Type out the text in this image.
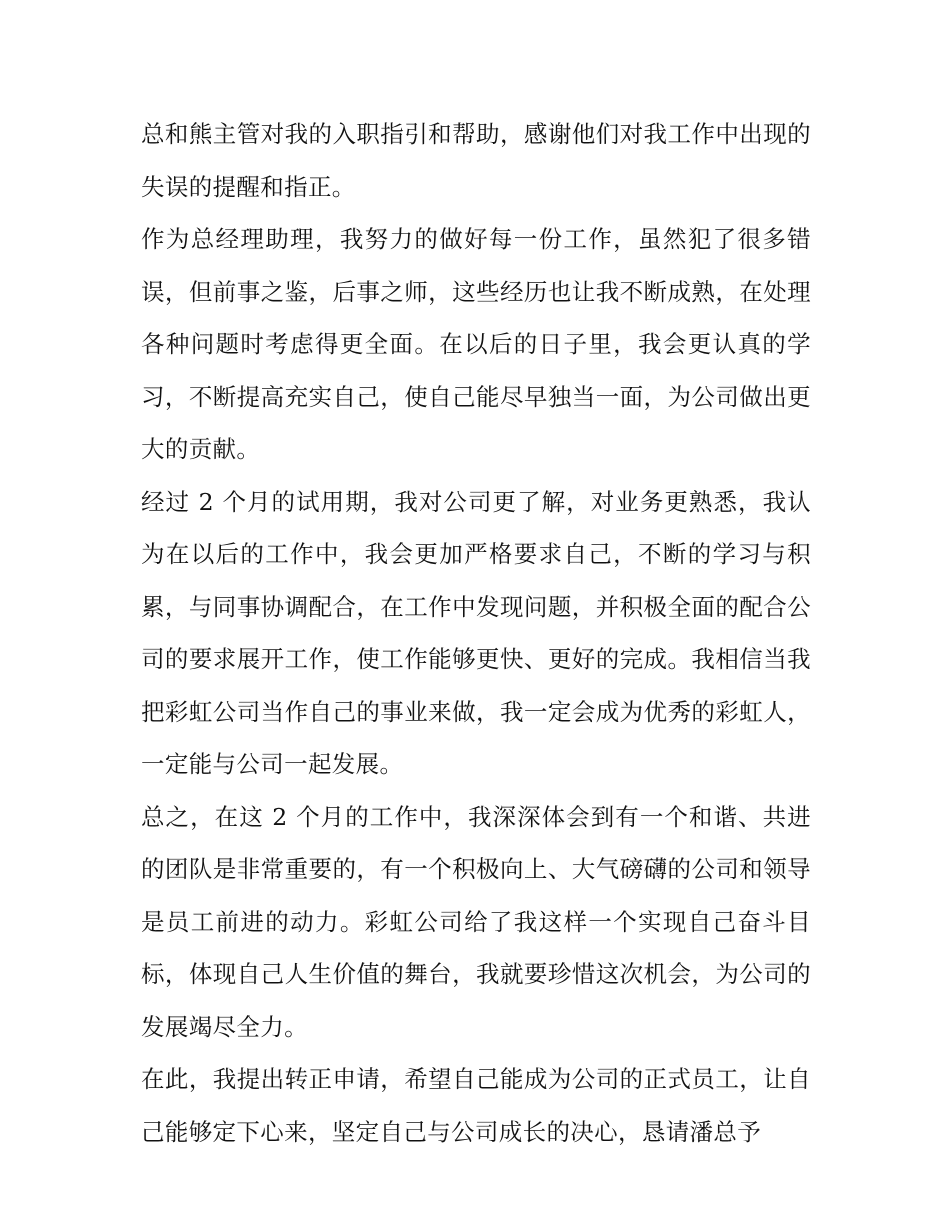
总和熊主管对我的入职指引和帮助，感谢他们对我工作中出现的失误的提醒和指正。

作为总经理助理，我努力的做好每一份工作，虽然犯了很多错误，但前事之鉴，后事之师，这些经历也让我不断成熟，在处理各种问题时考虑得更全面。在以后的日子里，我会更认真的学习，不断提高充实自己，使自己能尽早独当一面，为公司做出更大的贡献。

经过 2 个月的试用期，我对公司更了解，对业务更熟悉，我认为在以后的工作中，我会更加严格要求自己，不断的学习与积累，与同事协调配合，在工作中发现问题，并积极全面的配合公司的要求展开工作，使工作能够更快、更好的完成。我相信当我把彩虹公司当作自己的事业来做，我一定会成为优秀的彩虹人，一定能与公司一起发展。

总之，在这 2 个月的工作中，我深深体会到有一个和谐、共进的团队是非常重要的，有一个积极向上、大气磅礴的公司和领导是员工前进的动力。彩虹公司给了我这样一个实现自己奋斗目标，体现自己人生价值的舞台，我就要珍惜这次机会，为公司的发展竭尽全力。

在此，我提出转正申请，希望自己能成为公司的正式员工，让自己能够定下心来，坚定自己与公司成长的决心，恳请潘总予
